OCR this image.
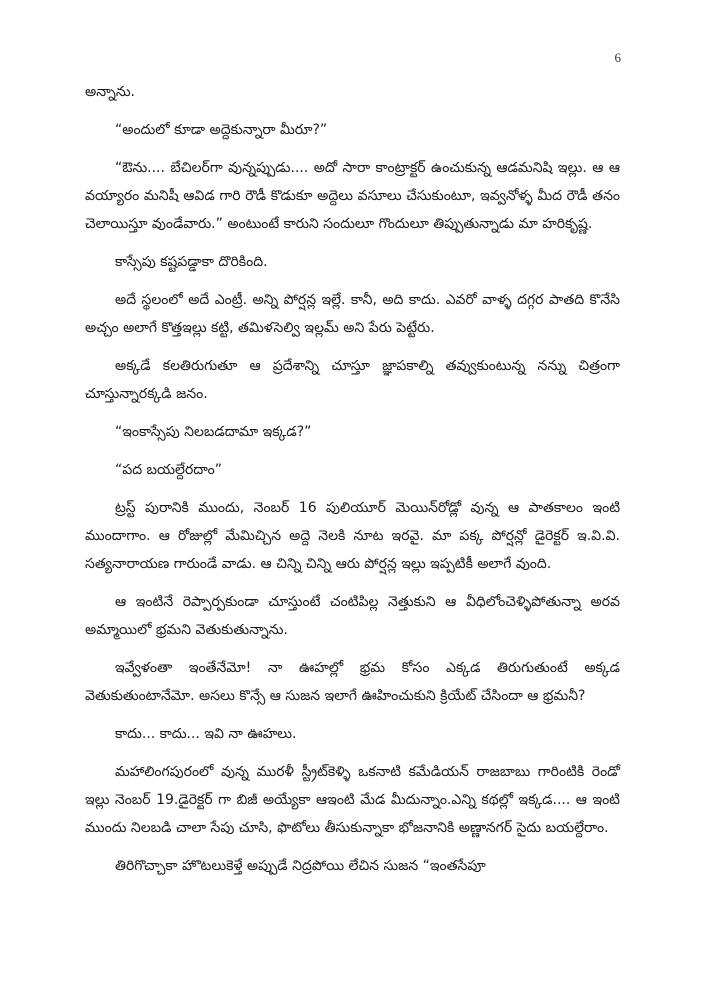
6

అన్నాను.

“అందులో కూడా అద్దెకున్నారా మీరూ?”

“ఔను.... బేచిలర్‌గా వున్నప్పుడు.... అదో సారా కాంట్రాక్టర్ ఉంచుకున్న ఆడమనిషి ఇల్లు. ఆ ఆ వయ్యారం మనిషీ ఆవిడ గారి రౌడీ కొడుకూ అద్దెలు వసూలు చేసుకుంటూ, ఇవ్వనోళ్ళ మీద రౌడీ తనం చెలాయిస్తూ వుండేవారు.” అంటుంటే కారుని సందులూ గొందులూ తిప్పుతున్నాడు మా హరికృష్ణ.

కాస్సేపు కష్టపడ్డాకా దొరికింది.

అదే స్థలంలో అదే ఎంట్రీ. అన్ని పోర్షన్ల ఇల్లే. కానీ, అది కాదు. ఎవరో వాళ్ళ దగ్గర పాతది కొనేసి అచ్చం అలాగే కొత్తఇల్లు కట్టి, తమిళసెల్వి ఇల్లమ్ అని పేరు పెట్టేరు.

అక్కడే కలతిరుగుతూ ఆ ప్రదేశాన్ని చూస్తూ జ్ఞాపకాల్ని తవ్వుకుంటున్న నన్ను చిత్రంగా చూస్తున్నారక్కడి జనం.

“ఇంకాస్సేపు నిలబడదామా ఇక్కడ?”

“పద బయల్దేరదాం”

ట్రస్ట్ పురానికి ముందు, నెంబర్ 16 పులియూర్ మెయిన్‌రోడ్లో వున్న ఆ పాతకాలం ఇంటి ముందాగాం. ఆ రోజుల్లో మేమిచ్చిన అద్దె నెలకి నూట ఇరవై. మా పక్క పోర్షన్లో డైరెక్టర్ ఇ.వి.వి. సత్యనారాయణ గారుండే వాడు. ఆ చిన్ని చిన్ని ఆరు పోర్షన్ల ఇల్లు ఇప్పటికీ అలాగే వుంది.

ఆ ఇంటినే రెప్పార్పకుండా చూస్తుంటే చంటిపిల్ల నెత్తుకుని ఆ వీధిలోంచెళ్ళిపోతున్నా అరవ అమ్మాయిలో భ్రమని వెతుకుతున్నాను.

ఇవ్వేళంతా ఇంతేనేమో! నా ఊహల్లో భ్రమ కోసం ఎక్కడ తిరుగుతుంటే అక్కడ వెతుకుతుంటానేమో. అసలు కొన్సే ఆ సుజన ఇలాగే ఊహించుకుని క్రియేట్ చేసిందా ఆ భ్రమనీ?

కాదు... కాదు... ఇవి నా ఊహలు.

మహాలింగపురంలో వున్న మురళీ స్ట్రీట్‌కెళ్ళి ఒకనాటి కమేడియన్ రాజబాబు గారింటికి రెండో ఇల్లు నెంబర్ 19.డైరెక్టర్ గా బిజీ అయ్యేకా ఆఇంటి మేడ మీదున్నాం.ఎన్ని కథల్లో ఇక్కడ.... ఆ ఇంటి ముందు నిలబడి చాలా సేపు చూసి, ఫొటోలు తీసుకున్నాకా భోజనానికి అణ్ణానగర్ సైదు బయల్దేరాం.

తిరిగొచ్చాకా హొటలుకెళ్తే అప్పుడే నిద్రపోయి లేచిన సుజన “ఇంతసేపూ
